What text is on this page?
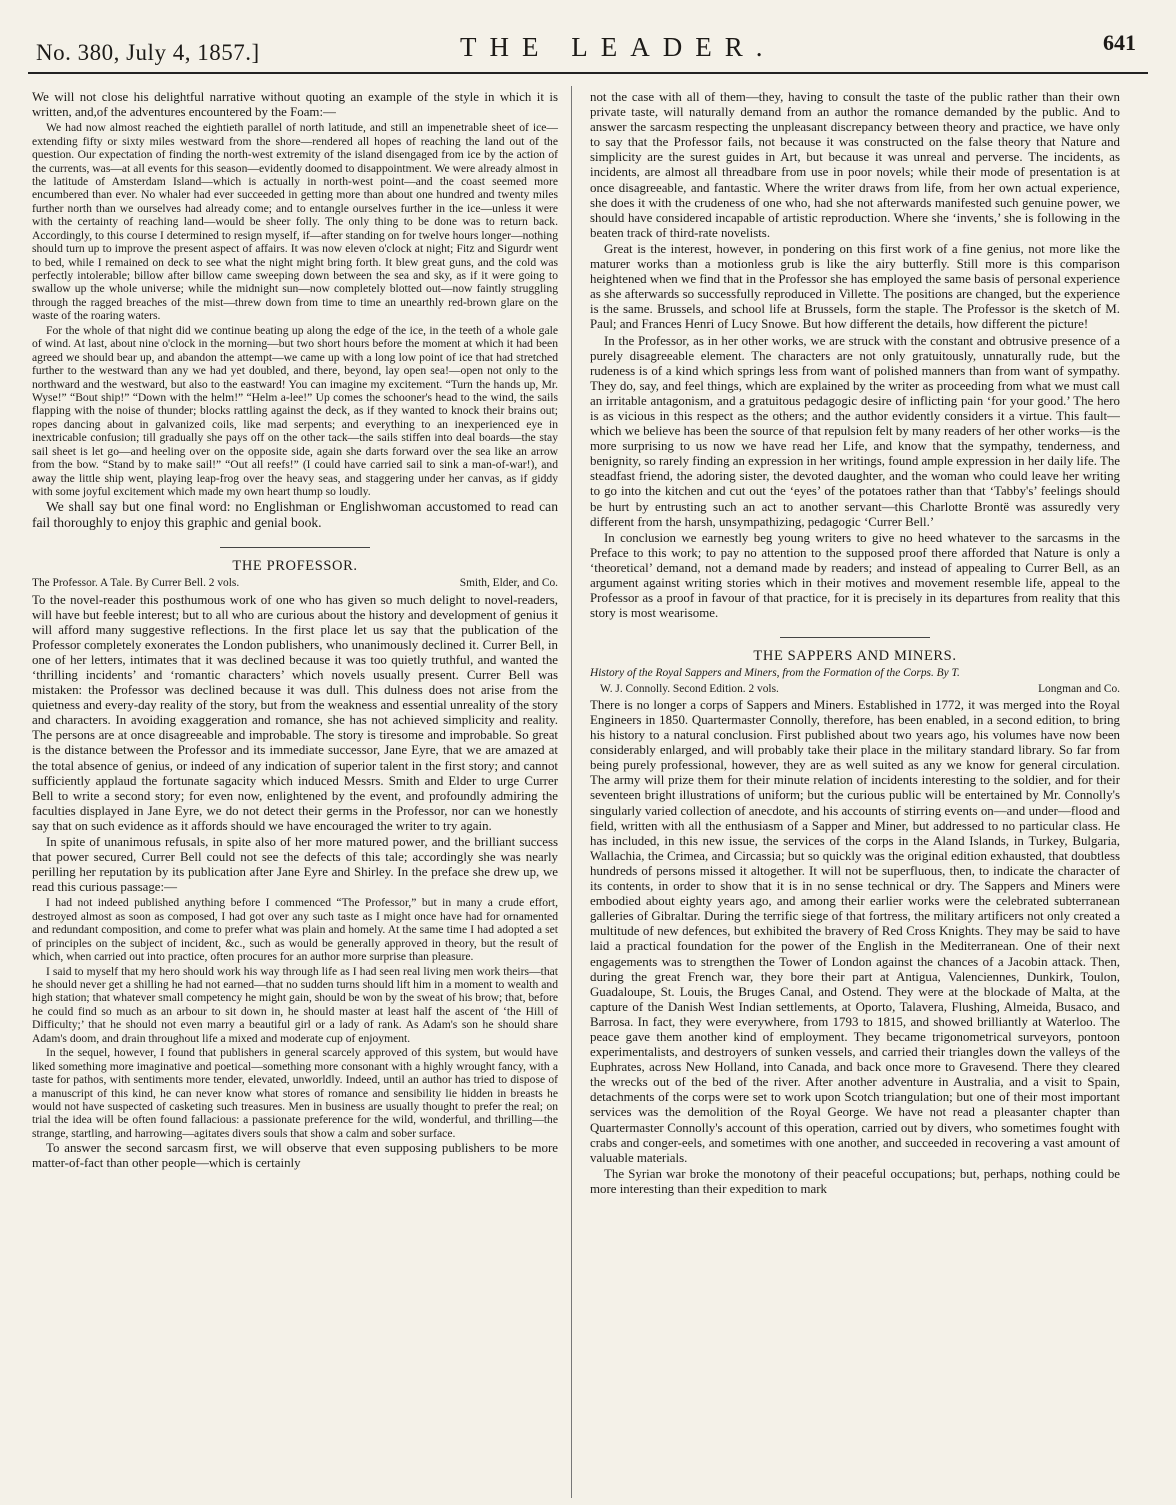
No. 380, July 4, 1857.]	THE LEADER.	641

We will not close his delightful narrative without quoting an example of the style in which it is written, and,of the adventures encountered by the Foam:—

We had now almost reached the eightieth parallel of north latitude, and still an impenetrable sheet of ice—extending fifty or sixty miles westward from the shore—rendered all hopes of reaching the land out of the question. Our expectation of finding the north-west extremity of the island disengaged from ice by the action of the currents, was—at all events for this season—evidently doomed to disappointment. We were already almost in the latitude of Amsterdam Island—which is actually in north-west point—and the coast seemed more encumbered than ever. No whaler had ever succeeded in getting more than about one hundred and twenty miles further north than we ourselves had already come; and to entangle ourselves further in the ice—unless it were with the certainty of reaching land—would be sheer folly. The only thing to be done was to return back. Accordingly, to this course I determined to resign myself, if—after standing on for twelve hours longer—nothing should turn up to improve the present aspect of affairs. It was now eleven o'clock at night; Fitz and Sigurdr went to bed, while I remained on deck to see what the night might bring forth. It blew great guns, and the cold was perfectly intolerable; billow after billow came sweeping down between the sea and sky, as if it were going to swallow up the whole universe; while the midnight sun—now completely blotted out—now faintly struggling through the ragged breaches of the mist—threw down from time to time an unearthly red-brown glare on the waste of the roaring waters.

For the whole of that night did we continue beating up along the edge of the ice, in the teeth of a whole gale of wind. At last, about nine o'clock in the morning—but two short hours before the moment at which it had been agreed we should bear up, and abandon the attempt—we came up with a long low point of ice that had stretched further to the westward than any we had yet doubled, and there, beyond, lay open sea!—open not only to the northward and the westward, but also to the eastward! You can imagine my excitement. “Turn the hands up, Mr. Wyse!” “Bout ship!” “Down with the helm!” “Helm a-lee!” Up comes the schooner's head to the wind, the sails flapping with the noise of thunder; blocks rattling against the deck, as if they wanted to knock their brains out; ropes dancing about in galvanized coils, like mad serpents; and everything to an inexperienced eye in inextricable confusion; till gradually she pays off on the other tack—the sails stiffen into deal boards—the stay sail sheet is let go—and heeling over on the opposite side, again she darts forward over the sea like an arrow from the bow. “Stand by to make sail!” “Out all reefs!” (I could have carried sail to sink a man-of-war!), and away the little ship went, playing leap-frog over the heavy seas, and staggering under her canvas, as if giddy with some joyful excitement which made my own heart thump so loudly.

We shall say but one final word: no Englishman or Englishwoman accustomed to read can fail thoroughly to enjoy this graphic and genial book.

THE PROFESSOR.
The Professor. A Tale. By Currer Bell. 2 vols.	Smith, Elder, and Co.

To the novel-reader this posthumous work of one who has given so much delight to novel-readers, will have but feeble interest; but to all who are curious about the history and development of genius it will afford many suggestive reflections. In the first place let us say that the publication of the Professor completely exonerates the London publishers, who unanimously declined it. Currer Bell, in one of her letters, intimates that it was declined because it was too quietly truthful, and wanted the ‘thrilling incidents’ and ‘romantic characters’ which novels usually present. Currer Bell was mistaken: the Professor was declined because it was dull. This dulness does not arise from the quietness and every-day reality of the story, but from the weakness and essential unreality of the story and characters. In avoiding exaggeration and romance, she has not achieved simplicity and reality. The persons are at once disagreeable and improbable. The story is tiresome and improbable. So great is the distance between the Professor and its immediate successor, Jane Eyre, that we are amazed at the total absence of genius, or indeed of any indication of superior talent in the first story; and cannot sufficiently applaud the fortunate sagacity which induced Messrs. Smith and Elder to urge Currer Bell to write a second story; for even now, enlightened by the event, and profoundly admiring the faculties displayed in Jane Eyre, we do not detect their germs in the Professor, nor can we honestly say that on such evidence as it affords should we have encouraged the writer to try again.

In spite of unanimous refusals, in spite also of her more matured power, and the brilliant success that power secured, Currer Bell could not see the defects of this tale; accordingly she was nearly perilling her reputation by its publication after Jane Eyre and Shirley. In the preface she drew up, we read this curious passage:—

I had not indeed published anything before I commenced “The Professor,” but in many a crude effort, destroyed almost as soon as composed, I had got over any such taste as I might once have had for ornamented and redundant composition, and come to prefer what was plain and homely. At the same time I had adopted a set of principles on the subject of incident, &c., such as would be generally approved in theory, but the result of which, when carried out into practice, often procures for an author more surprise than pleasure.

I said to myself that my hero should work his way through life as I had seen real living men work theirs—that he should never get a shilling he had not earned—that no sudden turns should lift him in a moment to wealth and high station; that whatever small competency he might gain, should be won by the sweat of his brow; that, before he could find so much as an arbour to sit down in, he should master at least half the ascent of ‘the Hill of Difficulty;’ that he should not even marry a beautiful girl or a lady of rank. As Adam's son he should share Adam's doom, and drain throughout life a mixed and moderate cup of enjoyment.

In the sequel, however, I found that publishers in general scarcely approved of this system, but would have liked something more imaginative and poetical—something more consonant with a highly wrought fancy, with a taste for pathos, with sentiments more tender, elevated, unworldly. Indeed, until an author has tried to dispose of a manuscript of this kind, he can never know what stores of romance and sensibility lie hidden in breasts he would not have suspected of casketing such treasures. Men in business are usually thought to prefer the real; on trial the idea will be often found fallacious: a passionate preference for the wild, wonderful, and thrilling—the strange, startling, and harrowing—agitates divers souls that show a calm and sober surface.

To answer the second sarcasm first, we will observe that even supposing publishers to be more matter-of-fact than other people—which is certainly

not the case with all of them—they, having to consult the taste of the public rather than their own private taste, will naturally demand from an author the romance demanded by the public. And to answer the sarcasm respecting the unpleasant discrepancy between theory and practice, we have only to say that the Professor fails, not because it was constructed on the false theory that Nature and simplicity are the surest guides in Art, but because it was unreal and perverse. The incidents, as incidents, are almost all threadbare from use in poor novels; while their mode of presentation is at once disagreeable, and fantastic. Where the writer draws from life, from her own actual experience, she does it with the crudeness of one who, had she not afterwards manifested such genuine power, we should have considered incapable of artistic reproduction. Where she ‘invents,’ she is following in the beaten track of third-rate novelists.

Great is the interest, however, in pondering on this first work of a fine genius, not more like the maturer works than a motionless grub is like the airy butterfly. Still more is this comparison heightened when we find that in the Professor she has employed the same basis of personal experience as she afterwards so successfully reproduced in Villette. The positions are changed, but the experience is the same. Brussels, and school life at Brussels, form the staple. The Professor is the sketch of M. Paul; and Frances Henri of Lucy Snowe. But how different the details, how different the picture!

In the Professor, as in her other works, we are struck with the constant and obtrusive presence of a purely disagreeable element. The characters are not only gratuitously, unnaturally rude, but the rudeness is of a kind which springs less from want of polished manners than from want of sympathy. They do, say, and feel things, which are explained by the writer as proceeding from what we must call an irritable antagonism, and a gratuitous pedagogic desire of inflicting pain ‘for your good.’ The hero is as vicious in this respect as the others; and the author evidently considers it a virtue. This fault—which we believe has been the source of that repulsion felt by many readers of her other works—is the more surprising to us now we have read her Life, and know that the sympathy, tenderness, and benignity, so rarely finding an expression in her writings, found ample expression in her daily life. The steadfast friend, the adoring sister, the devoted daughter, and the woman who could leave her writing to go into the kitchen and cut out the ‘eyes’ of the potatoes rather than that ‘Tabby's’ feelings should be hurt by entrusting such an act to another servant—this Charlotte Brontë was assuredly very different from the harsh, unsympathizing, pedagogic ‘Currer Bell.’

In conclusion we earnestly beg young writers to give no heed whatever to the sarcasms in the Preface to this work; to pay no attention to the supposed proof there afforded that Nature is only a ‘theoretical’ demand, not a demand made by readers; and instead of appealing to Currer Bell, as an argument against writing stories which in their motives and movement resemble life, appeal to the Professor as a proof in favour of that practice, for it is precisely in its departures from reality that this story is most wearisome.

THE SAPPERS AND MINERS.
History of the Royal Sappers and Miners, from the Formation of the Corps. By T.
W. J. Connolly. Second Edition. 2 vols.	Longman and Co.

There is no longer a corps of Sappers and Miners. Established in 1772, it was merged into the Royal Engineers in 1850. Quartermaster Connolly, therefore, has been enabled, in a second edition, to bring his history to a natural conclusion. First published about two years ago, his volumes have now been considerably enlarged, and will probably take their place in the military standard library. So far from being purely professional, however, they are as well suited as any we know for general circulation. The army will prize them for their minute relation of incidents interesting to the soldier, and for their seventeen bright illustrations of uniform; but the curious public will be entertained by Mr. Connolly's singularly varied collection of anecdote, and his accounts of stirring events on—and under—flood and field, written with all the enthusiasm of a Sapper and Miner, but addressed to no particular class. He has included, in this new issue, the services of the corps in the Aland Islands, in Turkey, Bulgaria, Wallachia, the Crimea, and Circassia; but so quickly was the original edition exhausted, that doubtless hundreds of persons missed it altogether. It will not be superfluous, then, to indicate the character of its contents, in order to show that it is in no sense technical or dry. The Sappers and Miners were embodied about eighty years ago, and among their earlier works were the celebrated subterranean galleries of Gibraltar. During the terrific siege of that fortress, the military artificers not only created a multitude of new defences, but exhibited the bravery of Red Cross Knights. They may be said to have laid a practical foundation for the power of the English in the Mediterranean. One of their next engagements was to strengthen the Tower of London against the chances of a Jacobin attack. Then, during the great French war, they bore their part at Antigua, Valenciennes, Dunkirk, Toulon, Guadaloupe, St. Louis, the Bruges Canal, and Ostend. They were at the blockade of Malta, at the capture of the Danish West Indian settlements, at Oporto, Talavera, Flushing, Almeida, Busaco, and Barrosa. In fact, they were everywhere, from 1793 to 1815, and showed brilliantly at Waterloo. The peace gave them another kind of employment. They became trigonometrical surveyors, pontoon experimentalists, and destroyers of sunken vessels, and carried their triangles down the valleys of the Euphrates, across New Holland, into Canada, and back once more to Gravesend. There they cleared the wrecks out of the bed of the river. After another adventure in Australia, and a visit to Spain, detachments of the corps were set to work upon Scotch triangulation; but one of their most important services was the demolition of the Royal George. We have not read a pleasanter chapter than Quartermaster Connolly's account of this operation, carried out by divers, who sometimes fought with crabs and conger-eels, and sometimes with one another, and succeeded in recovering a vast amount of valuable materials.

The Syrian war broke the monotony of their peaceful occupations; but, perhaps, nothing could be more interesting than their expedition to mark
